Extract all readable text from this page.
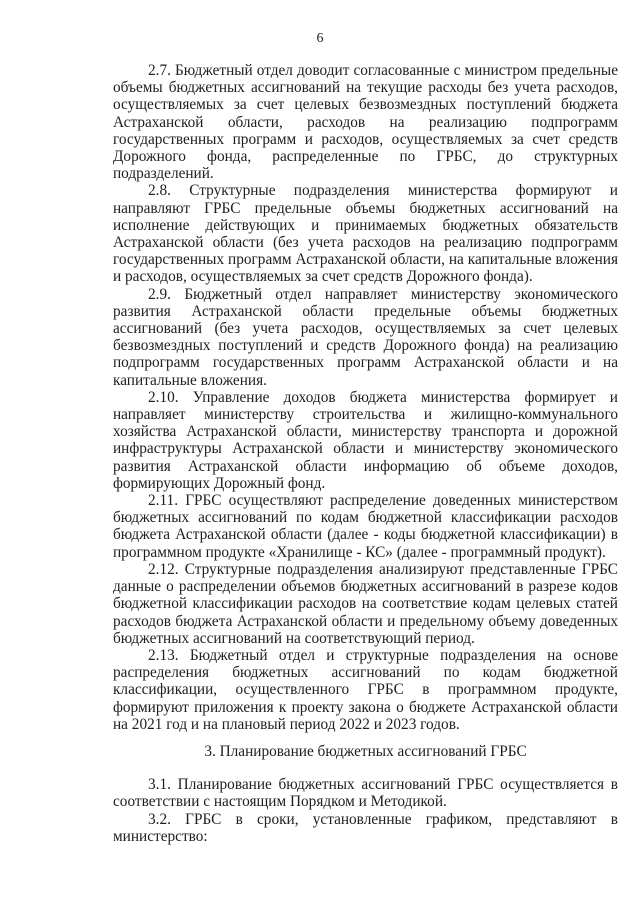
6

2.7. Бюджетный отдел доводит согласованные с министром предельные объемы бюджетных ассигнований на текущие расходы без учета расходов, осуществляемых за счет целевых безвозмездных поступлений бюджета Астраханской области, расходов на реализацию подпрограмм государственных программ и расходов, осуществляемых за счет средств Дорожного фонда, распределенные по ГРБС, до структурных подразделений.

2.8. Структурные подразделения министерства формируют и направляют ГРБС предельные объемы бюджетных ассигнований на исполнение действующих и принимаемых бюджетных обязательств Астраханской области (без учета расходов на реализацию подпрограмм государственных программ Астраханской области, на капитальные вложения и расходов, осуществляемых за счет средств Дорожного фонда).

2.9. Бюджетный отдел направляет министерству экономического развития Астраханской области предельные объемы бюджетных ассигнований (без учета расходов, осуществляемых за счет целевых безвозмездных поступлений и средств Дорожного фонда) на реализацию подпрограмм государственных программ Астраханской области и на капитальные вложения.

2.10. Управление доходов бюджета министерства формирует и направляет министерству строительства и жилищно-коммунального хозяйства Астраханской области, министерству транспорта и дорожной инфраструктуры Астраханской области и министерству экономического развития Астраханской области информацию об объеме доходов, формирующих Дорожный фонд.

2.11. ГРБС осуществляют распределение доведенных министерством бюджетных ассигнований по кодам бюджетной классификации расходов бюджета Астраханской области (далее - коды бюджетной классификации) в программном продукте «Хранилище - КС» (далее - программный продукт).

2.12. Структурные подразделения анализируют представленные ГРБС данные о распределении объемов бюджетных ассигнований в разрезе кодов бюджетной классификации расходов на соответствие кодам целевых статей расходов бюджета Астраханской области и предельному объему доведенных бюджетных ассигнований на соответствующий период.

2.13. Бюджетный отдел и структурные подразделения на основе распределения бюджетных ассигнований по кодам бюджетной классификации, осуществленного ГРБС в программном продукте, формируют приложения к проекту закона о бюджете Астраханской области на 2021 год и на плановый период 2022 и 2023 годов.

3. Планирование бюджетных ассигнований ГРБС

3.1. Планирование бюджетных ассигнований ГРБС осуществляется в соответствии с настоящим Порядком и Методикой.

3.2. ГРБС в сроки, установленные графиком, представляют в министерство:
